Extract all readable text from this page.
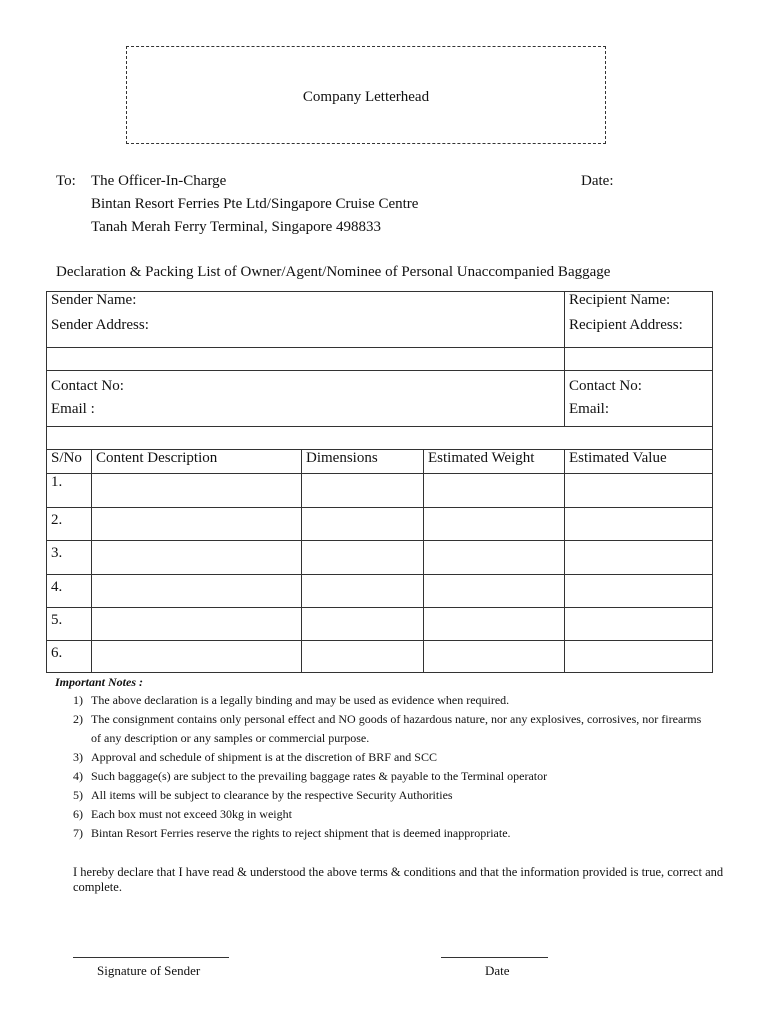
Company Letterhead
To: The Officer-In-Charge
Bintan Resort Ferries Pte Ltd/Singapore Cruise Centre
Tanah Merah Ferry Terminal, Singapore 498833
Date:
Declaration & Packing List of Owner/Agent/Nominee of Personal Unaccompanied Baggage
Sender Name:				Recipient Name:
Sender Address:				Recipient Address:

Contact No:				Contact No:
Email :				Email:

S/No	Content Description	Dimensions	Estimated Weight	Estimated Value
1.				
2.				
3.				
4.				
5.				
6.				
Important Notes :
1) The above declaration is a legally binding and may be used as evidence when required.
2) The consignment contains only personal effect and NO goods of hazardous nature, nor any explosives, corrosives, nor firearms of any description or any samples or commercial purpose.
3) Approval and schedule of shipment is at the discretion of BRF and SCC
4) Such baggage(s) are subject to the prevailing baggage rates & payable to the Terminal operator
5) All items will be subject to clearance by the respective Security Authorities
6) Each box must not exceed 30kg in weight
7) Bintan Resort Ferries reserve the rights to reject shipment that is deemed inappropriate.
I hereby declare that I have read & understood the above terms & conditions and that the information provided is true, correct and complete.
Signature of Sender	Date
